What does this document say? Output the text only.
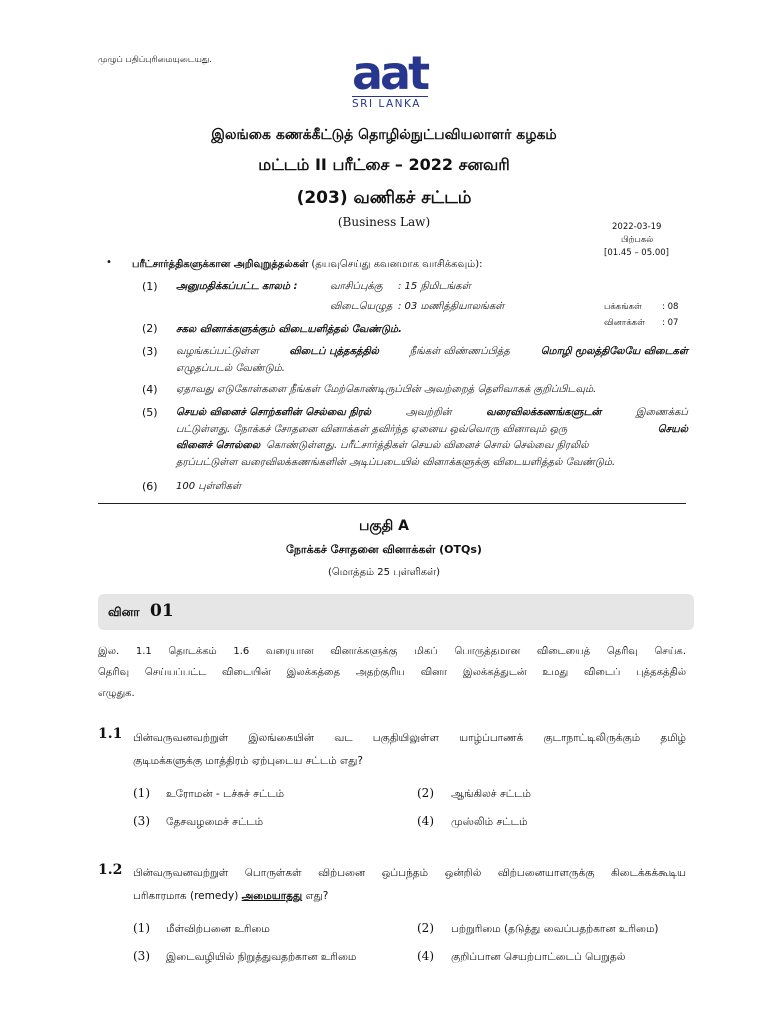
முழுப் பதிப்புரிமையுடையது.	aat
SRI LANKA
இலங்கை கணக்கீட்டுத் தொழில்நுட்பவியலாளர் கழகம்
மட்டம் II பரீட்சை – 2022 சனவரி
(203) வணிகச் சட்டம்
(Business Law)	2022-03-19
பிற்பகல்
[01.45 – 05.00]
• பரீட்சார்த்திகளுக்கான அறிவுறுத்தல்கள் (தயவுசெய்து கவனமாக வாசிக்கவும்):
(1) அனுமதிக்கப்பட்ட காலம் :	வாசிப்புக்கு : 15 நிமிடங்கள்
விடையெழுத : 03 மணித்தியாலங்கள்	பக்கங்கள் : 08
வினாக்கள் : 07
(2) சகல வினாக்களுக்கும் விடையளித்தல் வேண்டும்.
(3) வழங்கப்பட்டுள்ள	விடைப் புத்தகத்தில்	நீங்கள் விண்ணப்பித்த	மொழி மூலத்திலேயே விடைகள்
எழுதப்படல் வேண்டும்.
(4) ஏதாவது எடுகோள்களை நீங்கள் மேற்கொண்டிருப்பின் அவற்றைத் தெளிவாகக் குறிப்பிடவும்.
(5) செயல் வினைச் சொற்களின் செல்வை நிரல்	அவற்றின்	வரைவிலக்கணங்களுடன்	இணைக்கப்
பட்டுள்ளது. நோக்கச் சோதனை வினாக்கள் தவிர்ந்த ஏனைய ஒவ்வொரு வினாவும் ஒரு	செயல்
வினைச் சொல்லை கொண்டுள்ளது. பரீட்சார்த்திகள் செயல் வினைச் சொல் செல்வை நிரலில்
தரப்பட்டுள்ள வரைவிலக்கணங்களின் அடிப்படையில் வினாக்களுக்கு விடையளித்தல் வேண்டும்.
(6) 100 புள்ளிகள்
பகுதி A
நோக்கச் சோதனை வினாக்கள் (OTQs)
(மொத்தம் 25 புள்ளிகள்)
வினா 01
இல. 1.1 தொடக்கம் 1.6 வரையான வினாக்களுக்கு மிகப் பொருத்தமான விடையைத் தெரிவு செய்க.
தெரிவு செய்யப்பட்ட விடையின் இலக்கத்தை அதற்குரிய வினா இலக்கத்துடன் உமது விடைப் புத்தகத்தில்
எழுதுக.
1.1 பின்வருவனவற்றுள் இலங்கையின் வட பகுதியிலுள்ள யாழ்ப்பாணக் குடாநாட்டிலிருக்கும் தமிழ்
குடிமக்களுக்கு மாத்திரம் ஏற்புடைய சட்டம் எது?
(1) உரோமன் - டச்சுச் சட்டம்	(2) ஆங்கிலச் சட்டம்
(3) தேசவழமைச் சட்டம்	(4) முஸ்லிம் சட்டம்
1.2 பின்வருவனவற்றுள் பொருள்கள் விற்பனை ஒப்பந்தம் ஒன்றில் விற்பனையாளருக்கு கிடைக்கக்கூடிய
பரிகாரமாக (remedy) அமையாதது எது?
(1) மீள்விற்பனை உரிமை	(2) பற்றுரிமை (தடுத்து வைப்பதற்கான உரிமை)
(3) இடைவழியில் நிறுத்துவதற்கான உரிமை	(4) குறிப்பான செயற்பாட்டைப் பெறுதல்
